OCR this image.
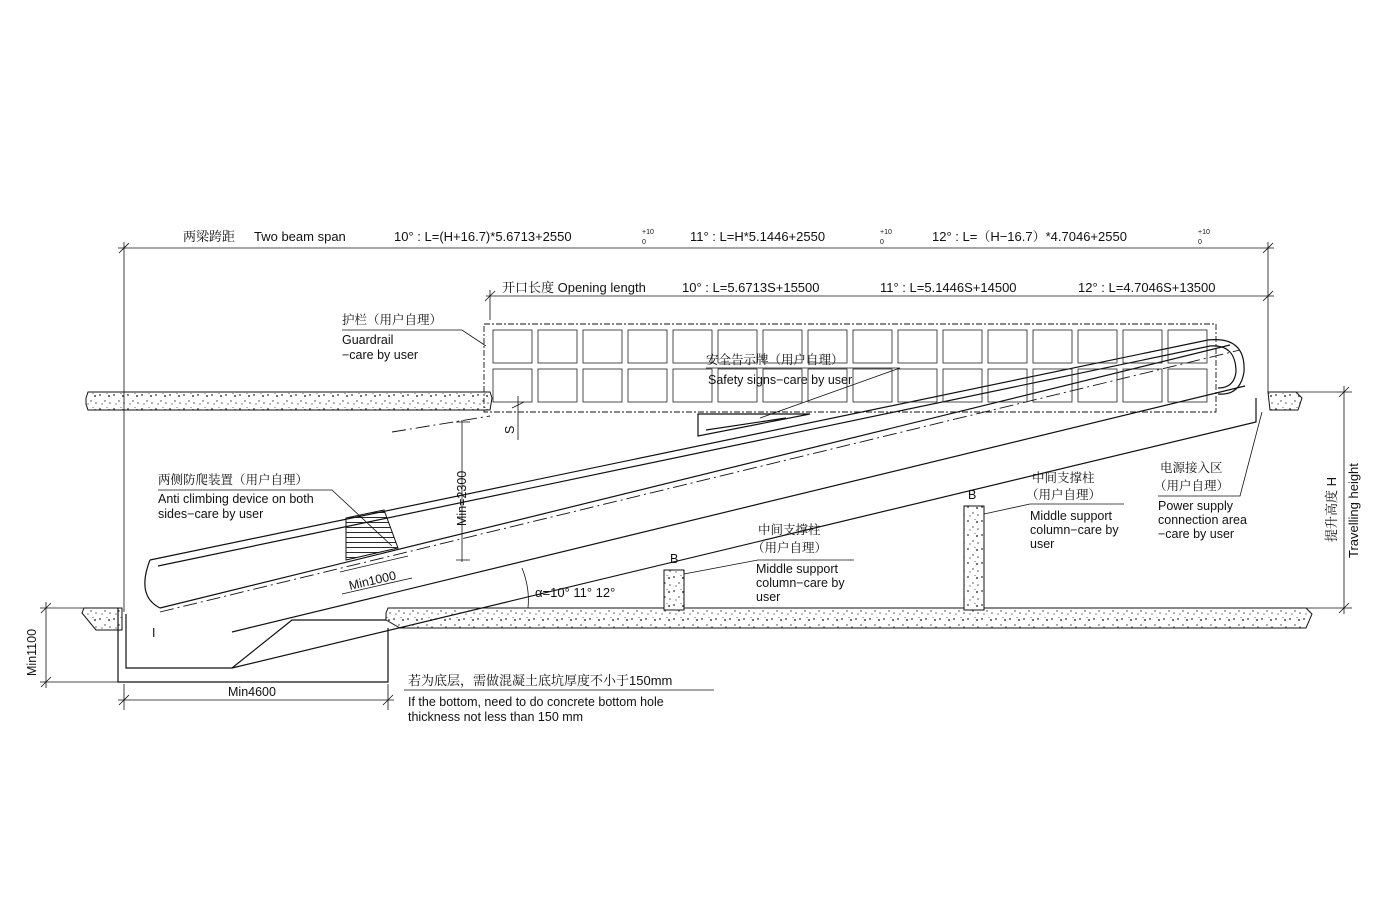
两梁跨距 Two beam span	10° : L=(H+16.7)*5.6713+2550	11° : L=H*5.1446+2550	12° : L=（H−16.7）*4.7046+2550
+10
0
+10
0
+10
0
开口长度 Opening length	10° : L=5.6713S+15500	11° : L=5.1446S+14500	12° : L=4.7046S+13500
护栏（用户自理）
Guardrail
−care by user	安全告示牌（用户自理）
Safety signs−care by user
两侧防爬装置（用户自理）
Anti climbing device on both
sides−care by user
B
中间支撑柱
（用户自理）
Middle support
column−care by
user
B
中间支撑柱
（用户自理）
Middle support
column−care by
user
电源接入区
（用户自理）
Power supply
connection area
−care by user	提升高度 H Travelling height
Min=2300
S
Min1000
Min1100
Min4600
I
α=10° 11° 12°
若为底层，需做混凝土底坑厚度不小于150mm
If the bottom, need to do concrete bottom hole
thickness not less than 150 mm
